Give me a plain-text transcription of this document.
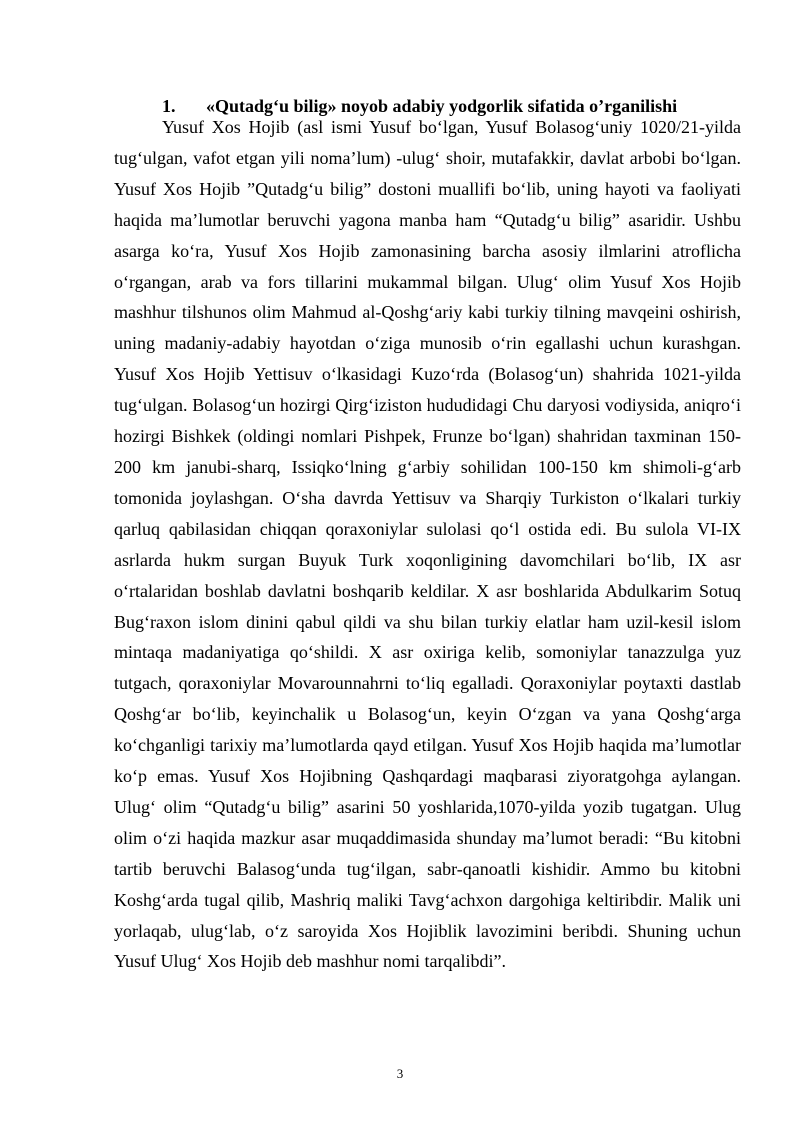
1. «Qutadg‘u bilig» noyob adabiy yodgorlik sifatida o’rganilishi

Yusuf Xos Hojib (asl ismi Yusuf bo‘lgan, Yusuf Bolasog‘uniy 1020/21-yilda tug‘ulgan, vafot etgan yili noma’lum) -ulug‘ shoir, mutafakkir, davlat arbobi bo‘lgan. Yusuf Xos Hojib ”Qutadg‘u bilig” dostoni muallifi bo‘lib, uning hayoti va faoliyati haqida ma’lumotlar beruvchi yagona manba ham “Qutadg‘u bilig” asaridir. Ushbu asarga ko‘ra, Yusuf Xos Hojib zamonasining barcha asosiy ilmlarini atroflicha o‘rgangan, arab va fors tillarini mukammal bilgan. Ulug‘ olim Yusuf Xos Hojib mashhur tilshunos olim Mahmud al-Qoshg‘ariy kabi turkiy tilning mavqeini oshirish, uning madaniy-adabiy hayotdan o‘ziga munosib o‘rin egallashi uchun kurashgan. Yusuf Xos Hojib Yettisuv o‘lkasidagi Kuzo‘rda (Bolasog‘un) shahrida 1021-yilda tug‘ulgan. Bolasog‘un hozirgi Qirg‘iziston hududidagi Chu daryosi vodiysida, aniqro‘i hozirgi Bishkek (oldingi nomlari Pishpek, Frunze bo‘lgan) shahridan taxminan 150-200 km janubi-sharq, Issiqko‘lning g‘arbiy sohilidan 100-150 km shimoli-g‘arb tomonida joylashgan. O‘sha davrda Yettisuv va Sharqiy Turkiston o‘lkalari turkiy qarluq qabilasidan chiqqan qoraxoniylar sulolasi qo‘l ostida edi. Bu sulola VI-IX asrlarda hukm surgan Buyuk Turk xoqonligining davomchilari bo‘lib, IX asr o‘rtalaridan boshlab davlatni boshqarib keldilar. X asr boshlarida Abdulkarim Sotuq Bug‘raxon islom dinini qabul qildi va shu bilan turkiy elatlar ham uzil-kesil islom mintaqa madaniyatiga qo‘shildi. X asr oxiriga kelib, somoniylar tanazzulga yuz tutgach, qoraxoniylar Movarounnahrni to‘liq egalladi. Qoraxoniylar poytaxti dastlab Qoshg‘ar bo‘lib, keyinchalik u Bolasog‘un, keyin O‘zgan va yana Qoshg‘arga ko‘chganligi tarixiy ma’lumotlarda qayd etilgan. Yusuf Xos Hojib haqida ma’lumotlar ko‘p emas. Yusuf Xos Hojibning Qashqardagi maqbarasi ziyoratgohga aylangan. Ulug‘ olim “Qutadg‘u bilig” asarini 50 yoshlarida,1070-yilda yozib tugatgan. Ulug olim o‘zi haqida mazkur asar muqaddimasida shunday ma’lumot beradi: “Bu kitobni tartib beruvchi Balasog‘unda tug‘ilgan, sabr-qanoatli kishidir. Ammo bu kitobni Koshg‘arda tugal qilib, Mashriq maliki Tavg‘achxon dargohiga keltiribdir. Malik uni yorlaqab, ulug‘lab, o‘z saroyida Xos Hojiblik lavozimini beribdi. Shuning uchun Yusuf Ulug‘ Xos Hojib deb mashhur nomi tarqalibdi”.

3
